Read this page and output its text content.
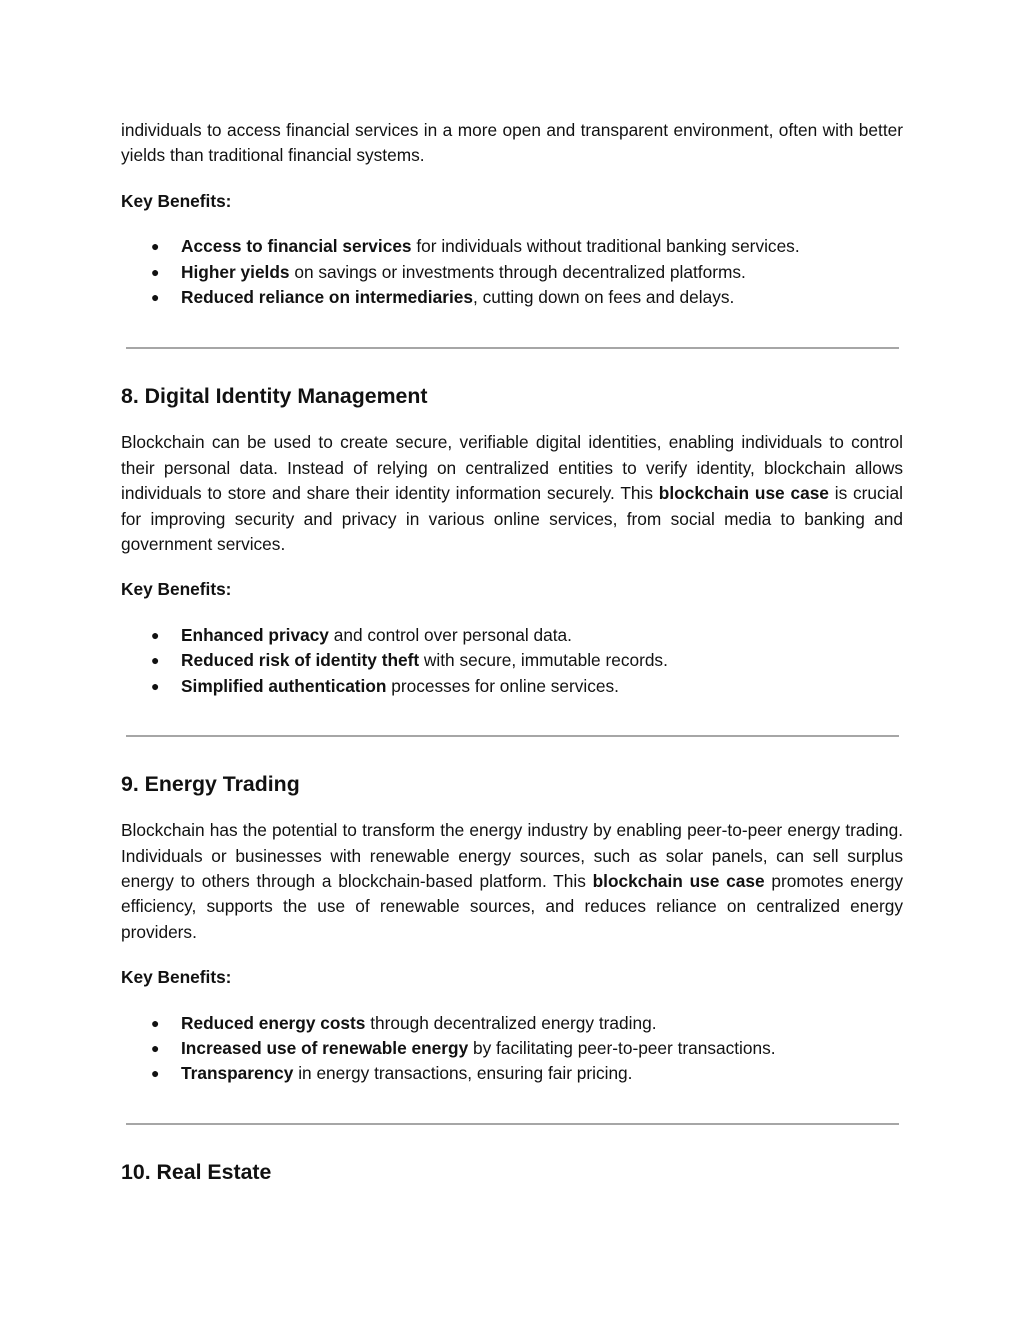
individuals to access financial services in a more open and transparent environment, often with better yields than traditional financial systems.

Key Benefits:

● Access to financial services for individuals without traditional banking services.
● Higher yields on savings or investments through decentralized platforms.
● Reduced reliance on intermediaries, cutting down on fees and delays.
8. Digital Identity Management

Blockchain can be used to create secure, verifiable digital identities, enabling individuals to control their personal data. Instead of relying on centralized entities to verify identity, blockchain allows individuals to store and share their identity information securely. This blockchain use case is crucial for improving security and privacy in various online services, from social media to banking and government services.

Key Benefits:

● Enhanced privacy and control over personal data.
● Reduced risk of identity theft with secure, immutable records.
● Simplified authentication processes for online services.
9. Energy Trading

Blockchain has the potential to transform the energy industry by enabling peer-to-peer energy trading. Individuals or businesses with renewable energy sources, such as solar panels, can sell surplus energy to others through a blockchain-based platform. This blockchain use case promotes energy efficiency, supports the use of renewable sources, and reduces reliance on centralized energy providers.

Key Benefits:

● Reduced energy costs through decentralized energy trading.
● Increased use of renewable energy by facilitating peer-to-peer transactions.
● Transparency in energy transactions, ensuring fair pricing.
10. Real Estate
